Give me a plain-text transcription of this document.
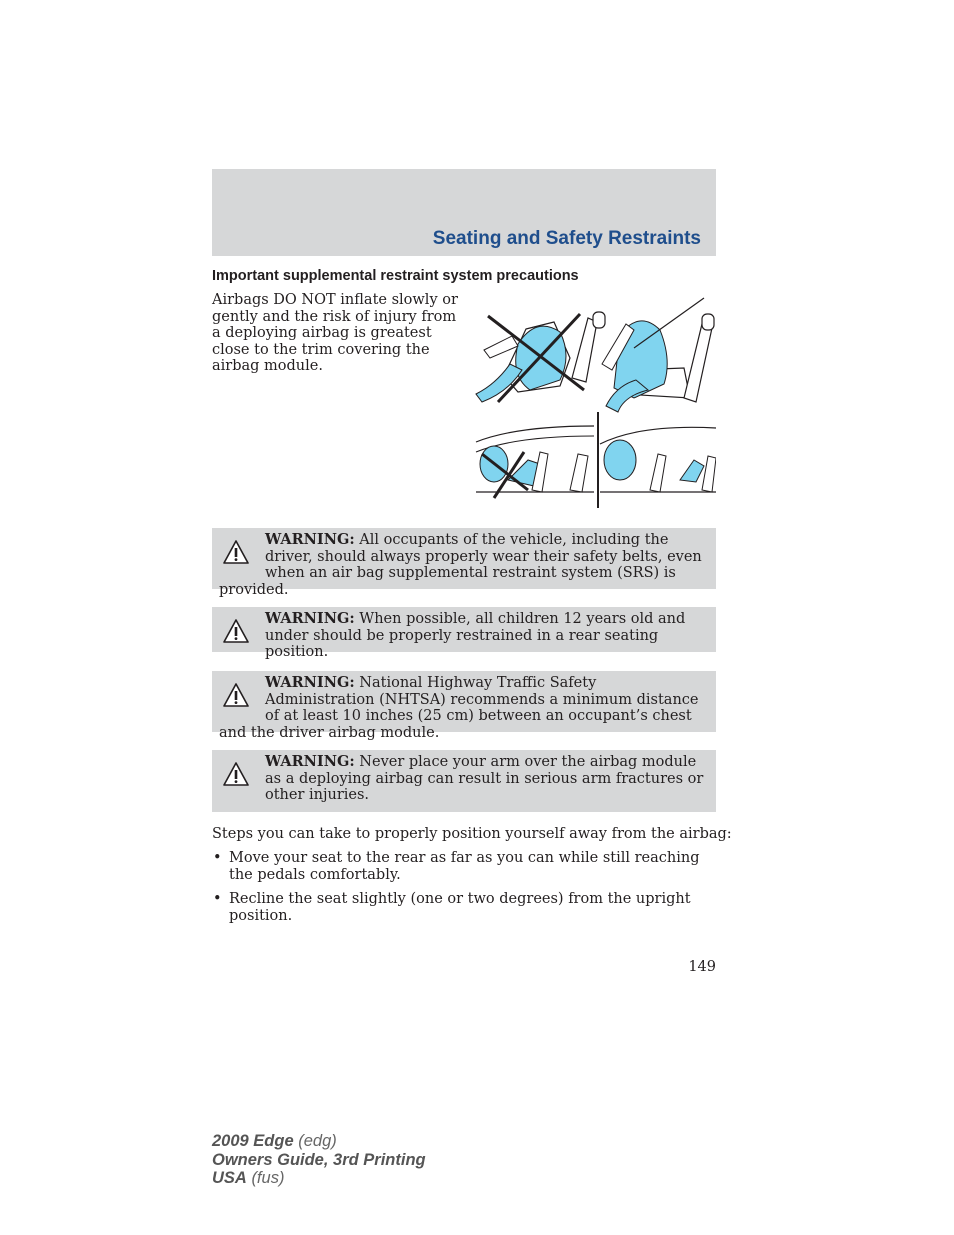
Seating and Safety Restraints
Important supplemental restraint system precautions

Airbags DO NOT inflate slowly or gently and the risk of injury from a deploying airbag is greatest close to the trim covering the airbag module.

WARNING: All occupants of the vehicle, including the driver, should always properly wear their safety belts, even when an air bag supplemental restraint system (SRS) is provided.
WARNING: When possible, all children 12 years old and under should be properly restrained in a rear seating position.
WARNING: National Highway Traffic Safety Administration (NHTSA) recommends a minimum distance of at least 10 inches (25 cm) between an occupant’s chest and the driver airbag module.
WARNING: Never place your arm over the airbag module as a deploying airbag can result in serious arm fractures or other injuries.

Steps you can take to properly position yourself away from the airbag:

• Move your seat to the rear as far as you can while still reaching the pedals comfortably.
• Recline the seat slightly (one or two degrees) from the upright position.
149
2009 Edge (edg)
Owners Guide, 3rd Printing
USA (fus)
